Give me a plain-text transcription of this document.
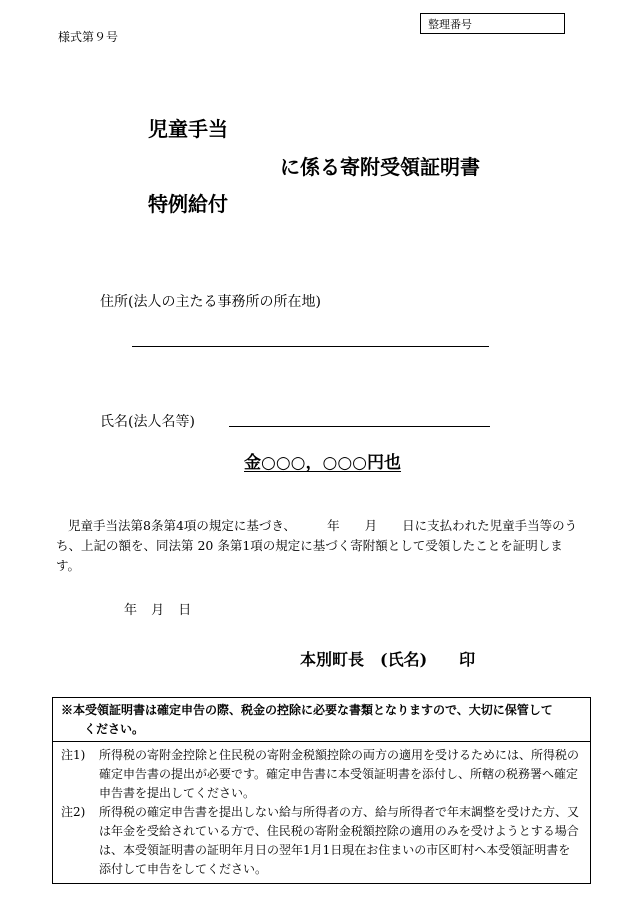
様式第９号
整理番号
児童手当
に係る寄附受領証明書
特例給付
住所(法人の主たる事務所の所在地)
氏名(法人名等)
金○○○，○○○円也
児童手当法第8条第4項の規定に基づき、　　　年　　月　　日に支払われた児童手当等のうち、上記の額を、同法第 20 条第1項の規定に基づく寄附額として受領したことを証明します。
年 月 日
本別町長　(氏名)　　印
※本受領証明書は確定申告の際、税金の控除に必要な書類となりますので、大切に保管して
ください。
注1)	所得税の寄附金控除と住民税の寄附金税額控除の両方の適用を受けるためには、所得税の確定申告書の提出が必要です。確定申告書に本受領証明書を添付し、所轄の税務署へ確定申告書を提出してください。
注2)	所得税の確定申告書を提出しない給与所得者の方、給与所得者で年末調整を受けた方、又は年金を受給されている方で、住民税の寄附金税額控除の適用のみを受けようとする場合は、本受領証明書の証明年月日の翌年1月1日現在お住まいの市区町村へ本受領証明書を添付して申告をしてください。
